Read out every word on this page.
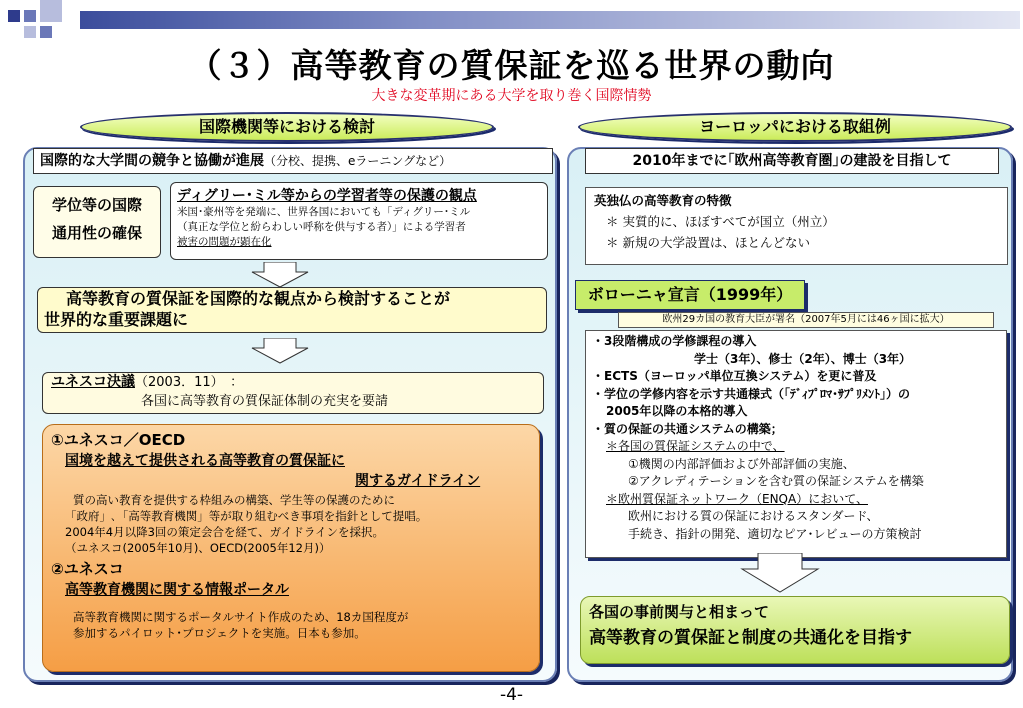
（３）高等教育の質保証を巡る世界の動向
大きな変革期にある大学を取り巻く国際情勢
国際機関等における検討	ヨーロッパにおける取組例
国際的な大学間の競争と協働が進展（分校、提携、eラーニングなど）
学位等の国際
通用性の確保
ディグリー･ミル等からの学習者等の保護の観点
米国･豪州等を発端に、世界各国においても「ディグリー･ミル
（真正な学位と紛らわしい呼称を供与する者）」による学習者
被害の問題が顕在化
高等教育の質保証を国際的な観点から検討することが
世界的な重要課題に
ユネスコ決議（2003．11）　：
各国に高等教育の質保証体制の充実を要請
①ユネスコ／OECD
国境を越えて提供される高等教育の質保証に
関するガイドライン
質の高い教育を提供する枠組みの構築、学生等の保護のために
「政府」､「高等教育機関」等が取り組むべき事項を指針として提唱。
2004年4月以降3回の策定会合を経て、ガイドラインを採択。
（ユネスコ(2005年10月)、OECD(2005年12月)）
②ユネスコ
高等教育機関に関する情報ポータル
高等教育機関に関するポータルサイト作成のため、18カ国程度が
参加するパイロット･プロジェクトを実施。日本も参加。
2010年までに｢欧州高等教育圏｣の建設を目指して
英独仏の高等教育の特徴
＊ 実質的に、ほぼすべてが国立（州立）
＊ 新規の大学設置は、ほとんどない
ボローニャ宣言（1999年）
欧州29カ国の教育大臣が署名（2007年5月には46ヶ国に拡大）
・3段階構成の学修課程の導入
学士（3年）、修士（2年）、博士（3年）
・ECTS（ヨーロッパ単位互換システム）を更に普及
・学位の学修内容を示す共通様式（｢ﾃﾞｨﾌﾟﾛﾏ･ｻﾌﾟﾘﾒﾝﾄ｣）の
2005年以降の本格的導入
・質の保証の共通システムの構築；
＊各国の質保証システムの中で、
①機関の内部評価および外部評価の実施、
②アクレディテーションを含む質の保証システムを構築
＊欧州質保証ネットワーク（ENQA）において、
欧州における質の保証におけるスタンダード、
手続き、指針の開発、適切なピア･レビューの方策検討
各国の事前関与と相まって
高等教育の質保証と制度の共通化を目指す
-4-
